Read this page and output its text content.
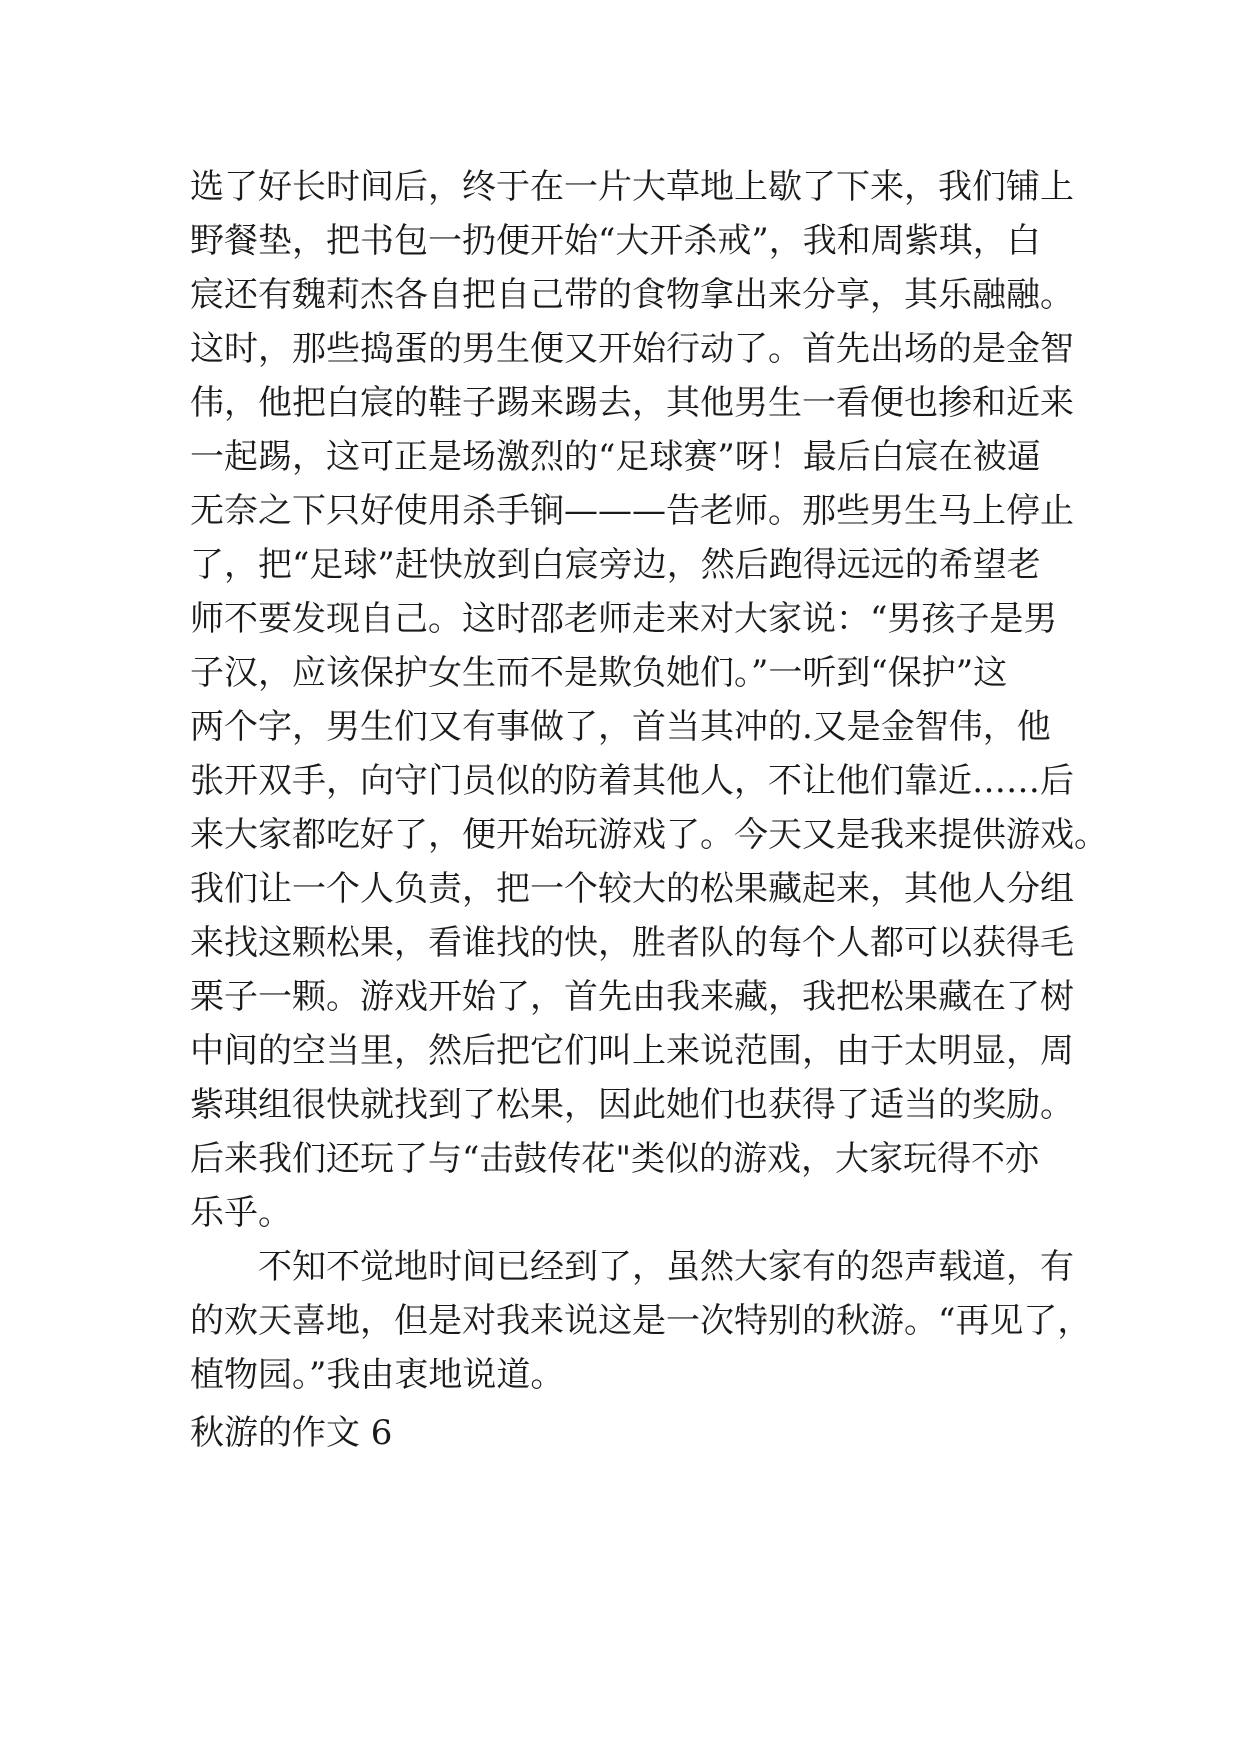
选了好长时间后，终于在一片大草地上歇了下来，我们铺上
野餐垫，把书包一扔便开始“大开杀戒”，我和周紫琪，白
宸还有魏莉杰各自把自己带的食物拿出来分享，其乐融融。
这时，那些捣蛋的男生便又开始行动了。首先出场的是金智
伟，他把白宸的鞋子踢来踢去，其他男生一看便也掺和近来
一起踢，这可正是场激烈的“足球赛”呀！最后白宸在被逼
无奈之下只好使用杀手锏———告老师。那些男生马上停止
了，把“足球”赶快放到白宸旁边，然后跑得远远的希望老
师不要发现自己。这时邵老师走来对大家说：“男孩子是男
子汉，应该保护女生而不是欺负她们。”一听到“保护”这
两个字，男生们又有事做了，首当其冲的.又是金智伟，他
张开双手，向守门员似的防着其他人，不让他们靠近……后
来大家都吃好了，便开始玩游戏了。今天又是我来提供游戏。
我们让一个人负责，把一个较大的松果藏起来，其他人分组
来找这颗松果，看谁找的快，胜者队的每个人都可以获得毛
栗子一颗。游戏开始了，首先由我来藏，我把松果藏在了树
中间的空当里，然后把它们叫上来说范围，由于太明显，周
紫琪组很快就找到了松果，因此她们也获得了适当的奖励。
后来我们还玩了与“击鼓传花"类似的游戏，大家玩得不亦
乐乎。
不知不觉地时间已经到了，虽然大家有的怨声载道，有
的欢天喜地，但是对我来说这是一次特别的秋游。“再见了，
植物园。”我由衷地说道。
秋游的作文 6
